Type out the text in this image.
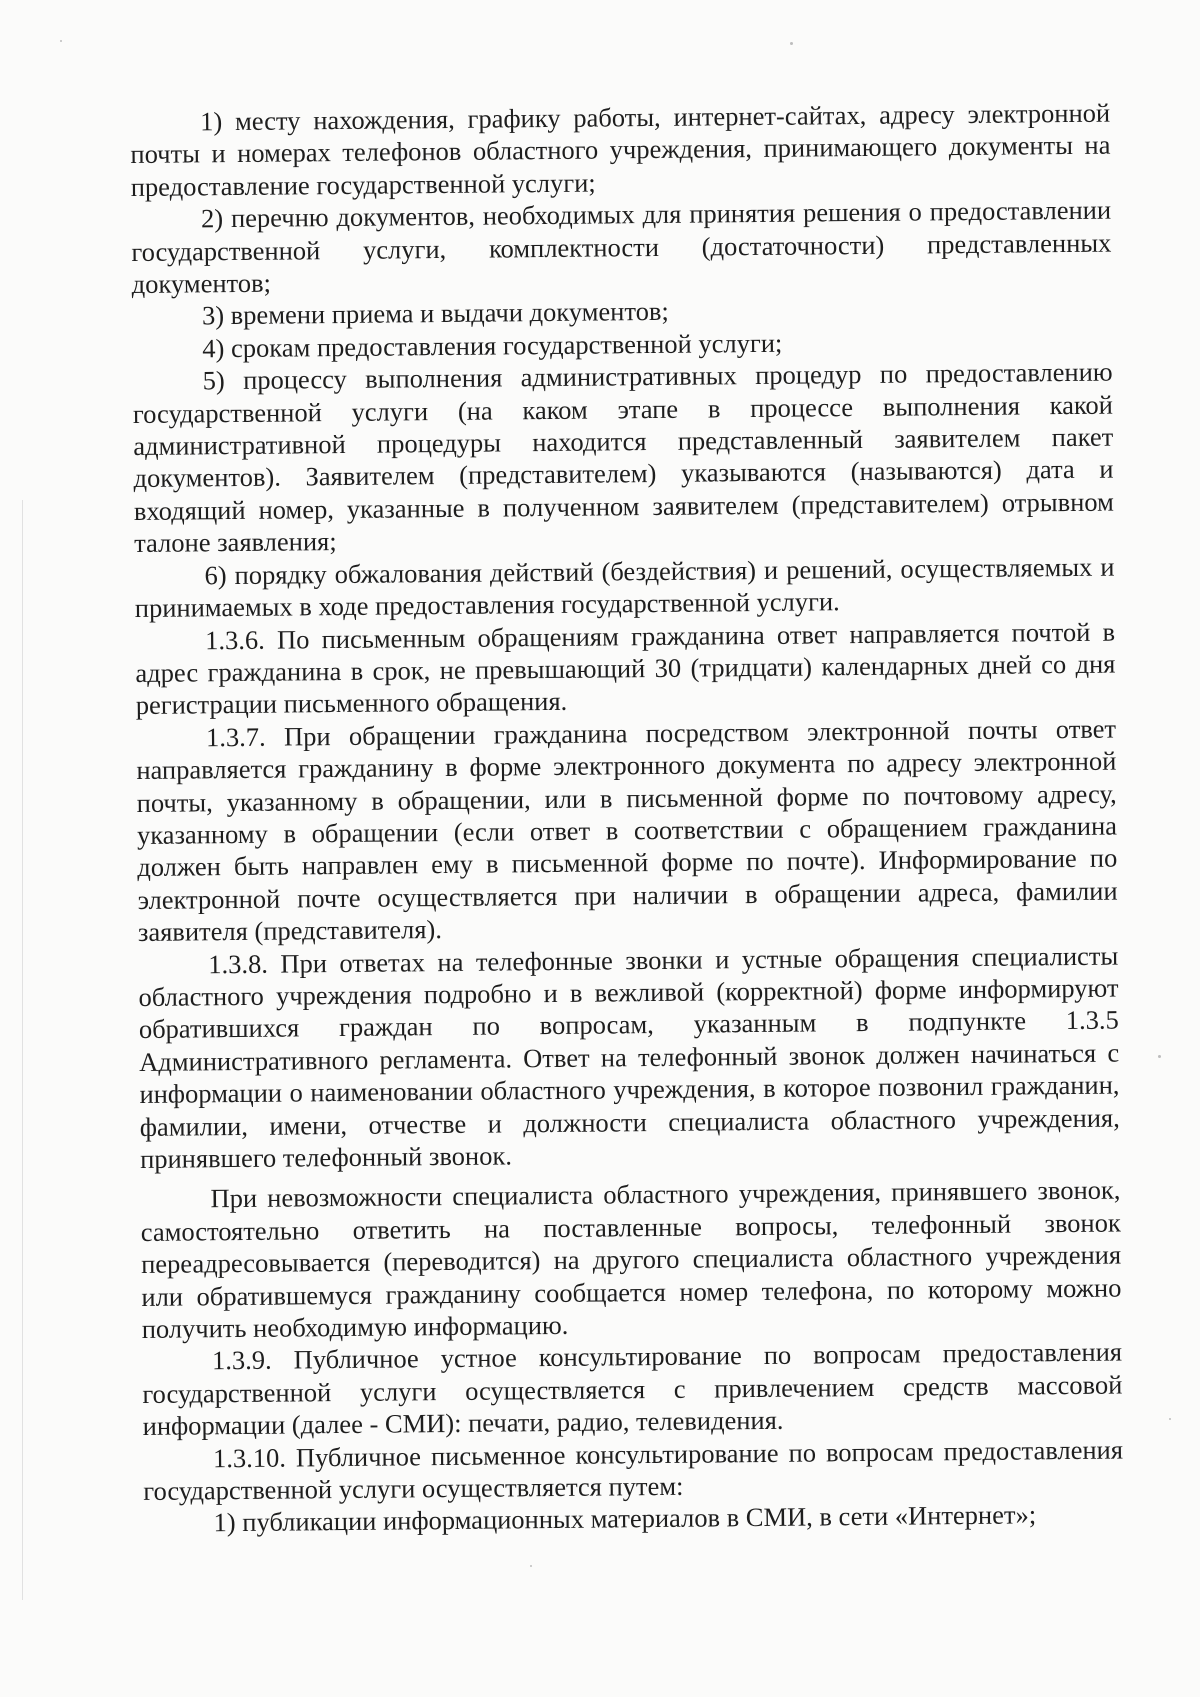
1) месту нахождения, графику работы, интернет-сайтах, адресу электронной почты и номерах телефонов областного учреждения, принимающего документы на предоставление государственной услуги;

2) перечню документов, необходимых для принятия решения о предоставлении государственной услуги, комплектности (достаточности) представленных документов;

3) времени приема и выдачи документов;

4) срокам предоставления государственной услуги;

5) процессу выполнения административных процедур по предоставлению государственной услуги (на каком этапе в процессе выполнения какой административной процедуры находится представленный заявителем пакет документов). Заявителем (представителем) указываются (называются) дата и входящий номер, указанные в полученном заявителем (представителем) отрывном талоне заявления;

6) порядку обжалования действий (бездействия) и решений, осуществляемых и принимаемых в ходе предоставления государственной услуги.

1.3.6. По письменным обращениям гражданина ответ направляется почтой в адрес гражданина в срок, не превышающий 30 (тридцати) календарных дней со дня регистрации письменного обращения.

1.3.7. При обращении гражданина посредством электронной почты ответ направляется гражданину в форме электронного документа по адресу электронной почты, указанному в обращении, или в письменной форме по почтовому адресу, указанному в обращении (если ответ в соответствии с обращением гражданина должен быть направлен ему в письменной форме по почте). Информирование по электронной почте осуществляется при наличии в обращении адреса, фамилии заявителя (представителя).

1.3.8. При ответах на телефонные звонки и устные обращения специалисты областного учреждения подробно и в вежливой (корректной) форме информируют обратившихся граждан по вопросам, указанным в подпункте 1.3.5 Административного регламента. Ответ на телефонный звонок должен начинаться с информации о наименовании областного учреждения, в которое позвонил гражданин, фамилии, имени, отчестве и должности специалиста областного учреждения, принявшего телефонный звонок.

При невозможности специалиста областного учреждения, принявшего звонок, самостоятельно ответить на поставленные вопросы, телефонный звонок переадресовывается (переводится) на другого специалиста областного учреждения или обратившемуся гражданину сообщается номер телефона, по которому можно получить необходимую информацию.

1.3.9. Публичное устное консультирование по вопросам предоставления государственной услуги осуществляется с привлечением средств массовой информации (далее - СМИ): печати, радио, телевидения.

1.3.10. Публичное письменное консультирование по вопросам предоставления государственной услуги осуществляется путем:

1) публикации информационных материалов в СМИ, в сети «Интернет»;
